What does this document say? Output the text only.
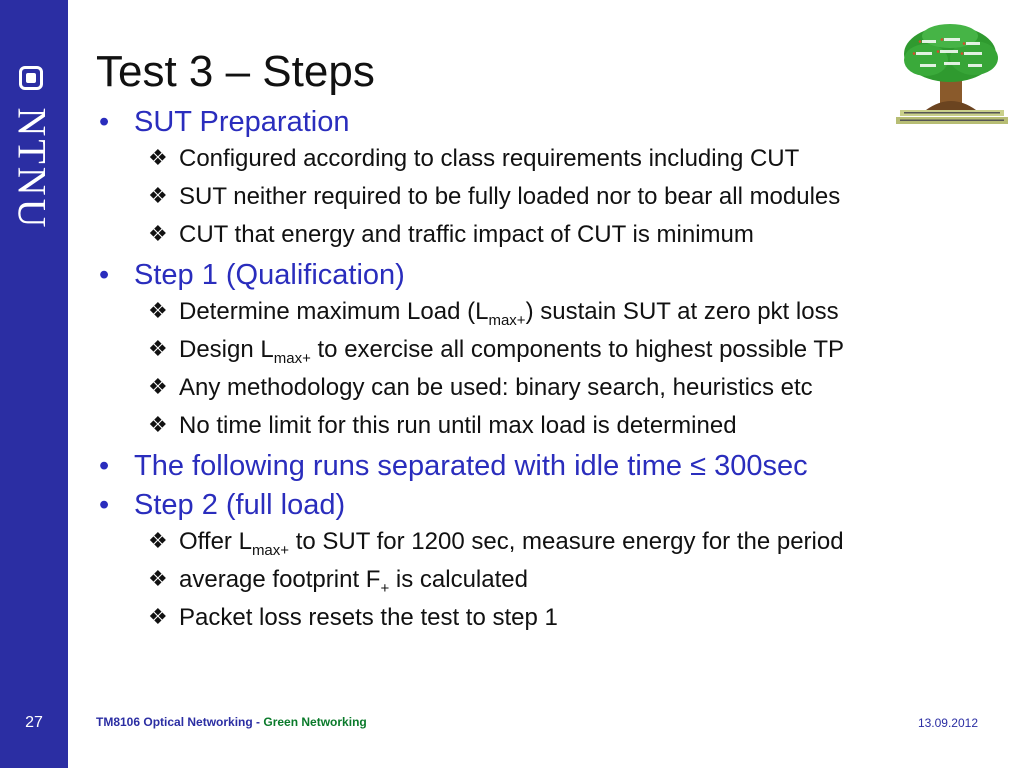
NTNU
27
Test 3 – Steps
• SUT Preparation
❖ Configured according to class requirements including CUT
❖ SUT neither required to be fully loaded nor to bear all modules
❖ CUT that energy and traffic impact of CUT is minimum
• Step 1 (Qualification)
❖ Determine maximum Load $(L_{max+})$ sustain SUT at zero pkt loss
❖ Design $L_{max+}$ to exercise all components to highest possible TP
❖ Any methodology can be used: binary search, heuristics etc
❖ No time limit for this run until max load is determined
• The following runs separated with idle time ≤ 300sec
• Step 2 (full load)
❖ Offer $L_{max+}$ to SUT for 1200 sec, measure energy for the period
❖ average footprint $F_+$ is calculated
❖ Packet loss resets the test to step 1
TM8106 Optical Networking - Green Networking	13.09.2012
